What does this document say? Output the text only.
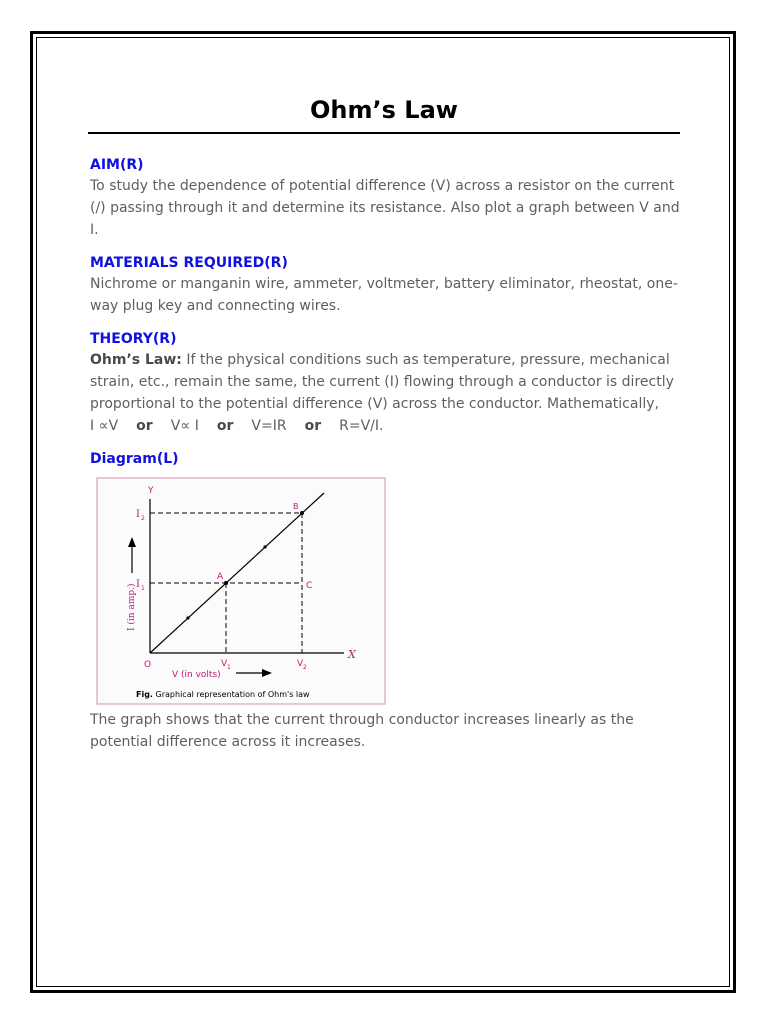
Ohm’s Law

AIM(R)

To study the dependence of potential difference (V) across a resistor on the current (/) passing through it and determine its resistance. Also plot a graph between V and I.

MATERIALS REQUIRED(R)

Nichrome or manganin wire, ammeter, voltmeter, battery eliminator, rheostat, one-way plug key and connecting wires.

THEORY(R)

Ohm’s Law: If the physical conditions such as temperature, pressure, mechanical strain, etc., remain the same, the current (I) flowing through a conductor is directly proportional to the potential difference (V) across the conductor. Mathematically,

I ∝V or V∝ I or V=IR or R=V/I.

Diagram(L)

Y
X
O
I 2
I 1
V 1	V 2
A
B
C
I (in amp.)
V (in volts)
Fig. Graphical representation of Ohm's law

The graph shows that the current through conductor increases linearly as the potential difference across it increases.
